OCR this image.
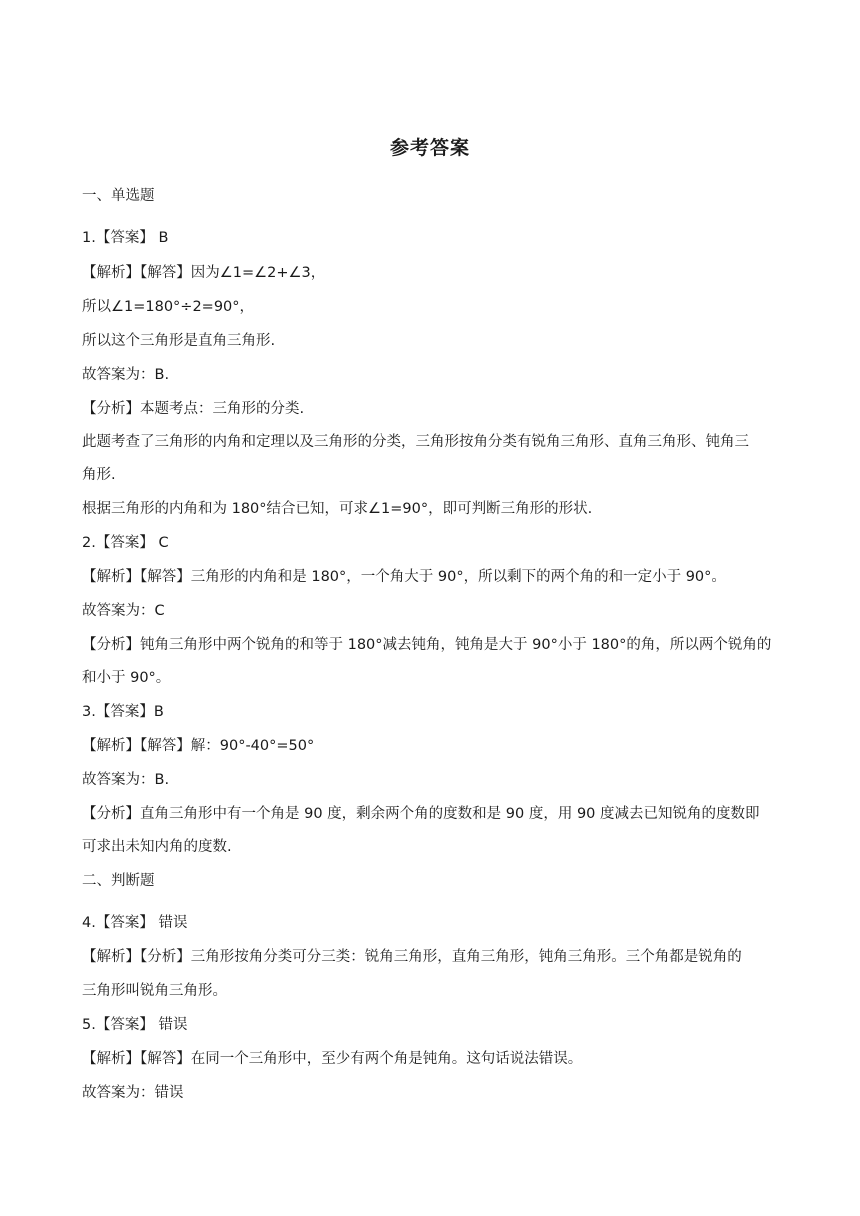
参考答案
一、单选题
1.【答案】 B
【解析】【解答】因为∠1=∠2+∠3，
所以∠1=180°÷2=90°，
所以这个三角形是直角三角形.
故答案为：B.
【分析】本题考点：三角形的分类.
此题考查了三角形的内角和定理以及三角形的分类，三角形按角分类有锐角三角形、直角三角形、钝角三
角形.
根据三角形的内角和为 180°结合已知，可求∠1=90°，即可判断三角形的形状.
2.【答案】 C
【解析】【解答】三角形的内角和是 180°，一个角大于 90°，所以剩下的两个角的和一定小于 90°。
故答案为：C
【分析】钝角三角形中两个锐角的和等于 180°减去钝角，钝角是大于 90°小于 180°的角，所以两个锐角的
和小于 90°。
3.【答案】B
【解析】【解答】解：90°-40°=50°
故答案为：B.
【分析】直角三角形中有一个角是 90 度，剩余两个角的度数和是 90 度，用 90 度减去已知锐角的度数即
可求出未知内角的度数.
二、判断题
4.【答案】 错误
【解析】【分析】三角形按角分类可分三类：锐角三角形，直角三角形，钝角三角形。三个角都是锐角的
三角形叫锐角三角形。
5.【答案】 错误
【解析】【解答】在同一个三角形中，至少有两个角是钝角。这句话说法错误。
故答案为：错误
